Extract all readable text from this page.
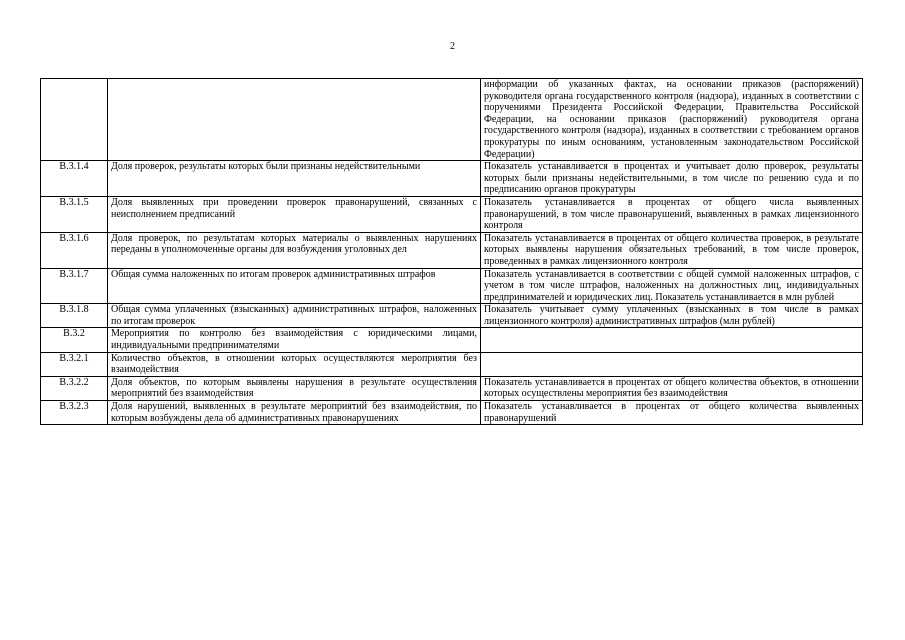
2
		информации об указанных фактах, на основании приказов (распоряжений) руководителя органа государственного контроля (надзора), изданных в соответствии с поручениями Президента Российской Федерации, Правительства Российской Федерации, на основании приказов (распоряжений) руководителя органа государственного контроля (надзора), изданных в соответствии с требованием органов прокуратуры по иным основаниям, установленным законодательством Российской Федерации)
В.3.1.4	Доля проверок, результаты которых были признаны недействительными	Показатель устанавливается в процентах и учитывает долю проверок, результаты которых были признаны недействительными, в том числе по решению суда и по предписанию органов прокуратуры
В.3.1.5	Доля выявленных при проведении проверок правонарушений, связанных с неисполнением предписаний	Показатель устанавливается в процентах от общего числа выявленных правонарушений, в том числе правонарушений, выявленных в рамках лицензионного контроля
В.3.1.6	Доля проверок, по результатам которых материалы о выявленных нарушениях переданы в уполномоченные органы для возбуждения уголовных дел	Показатель устанавливается в процентах от общего количества проверок, в результате которых выявлены нарушения обязательных требований, в том числе проверок, проведенных в рамках лицензионного контроля
В.3.1.7	Общая сумма наложенных по итогам проверок административных штрафов	Показатель устанавливается в соответствии с общей суммой наложенных штрафов, с учетом в том числе штрафов, наложенных на должностных лиц, индивидуальных предпринимателей и юридических лиц. Показатель устанавливается в млн рублей
В.3.1.8	Общая сумма уплаченных (взысканных) административных штрафов, наложенных по итогам проверок	Показатель учитывает сумму уплаченных (взысканных в том числе в рамках лицензионного контроля) административных штрафов (млн рублей)
В.3.2	Мероприятия по контролю без взаимодействия с юридическими лицами, индивидуальными предпринимателями	
В.3.2.1	Количество объектов, в отношении которых осуществляются мероприятия без взаимодействия	
В.3.2.2	Доля объектов, по которым выявлены нарушения в результате осуществления мероприятий без взаимодействия	Показатель устанавливается в процентах от общего количества объектов, в отношении которых осуществлены мероприятия без взаимодействия
В.3.2.3	Доля нарушений, выявленных в результате мероприятий без взаимодействия, по которым возбуждены дела об административных правонарушениях	Показатель устанавливается в процентах от общего количества выявленных правонарушений
